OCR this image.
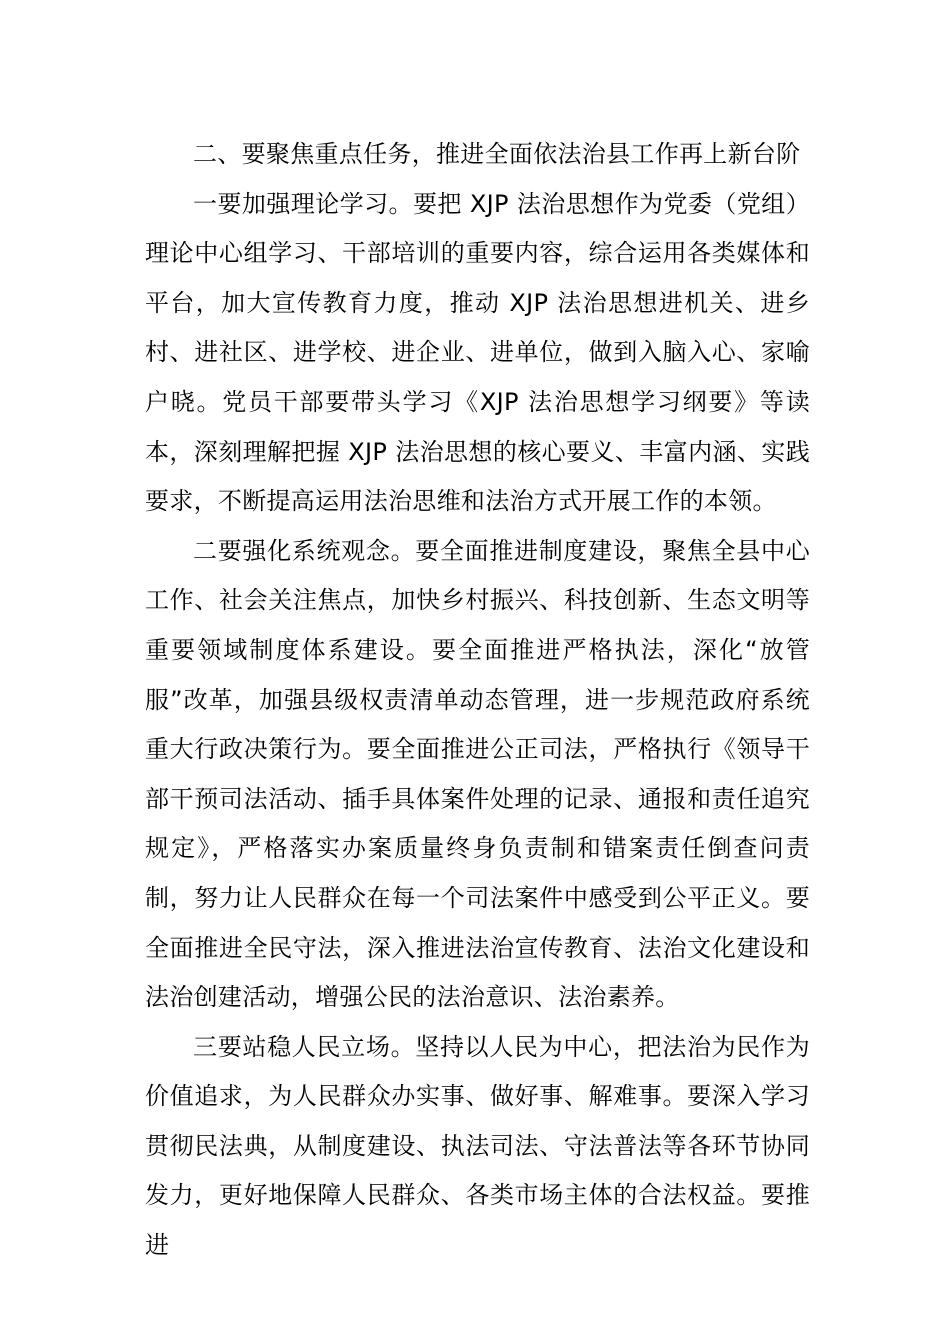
二、要聚焦重点任务，推进全面依法治县工作再上新台阶

一要加强理论学习。要把 XJP 法治思想作为党委（党组）理论中心组学习、干部培训的重要内容，综合运用各类媒体和平台，加大宣传教育力度，推动 XJP 法治思想进机关、进乡村、进社区、进学校、进企业、进单位，做到入脑入心、家喻户晓。党员干部要带头学习《XJP 法治思想学习纲要》等读本，深刻理解把握 XJP 法治思想的核心要义、丰富内涵、实践要求，不断提高运用法治思维和法治方式开展工作的本领。

二要强化系统观念。要全面推进制度建设，聚焦全县中心工作、社会关注焦点，加快乡村振兴、科技创新、生态文明等重要领域制度体系建设。要全面推进严格执法，深化“放管服”改革，加强县级权责清单动态管理，进一步规范政府系统重大行政决策行为。要全面推进公正司法，严格执行《领导干部干预司法活动、插手具体案件处理的记录、通报和责任追究规定》，严格落实办案质量终身负责制和错案责任倒查问责制，努力让人民群众在每一个司法案件中感受到公平正义。要全面推进全民守法，深入推进法治宣传教育、法治文化建设和法治创建活动，增强公民的法治意识、法治素养。

三要站稳人民立场。坚持以人民为中心，把法治为民作为价值追求，为人民群众办实事、做好事、解难事。要深入学习贯彻民法典，从制度建设、执法司法、守法普法等各环节协同发力，更好地保障人民群众、各类市场主体的合法权益。要推进
